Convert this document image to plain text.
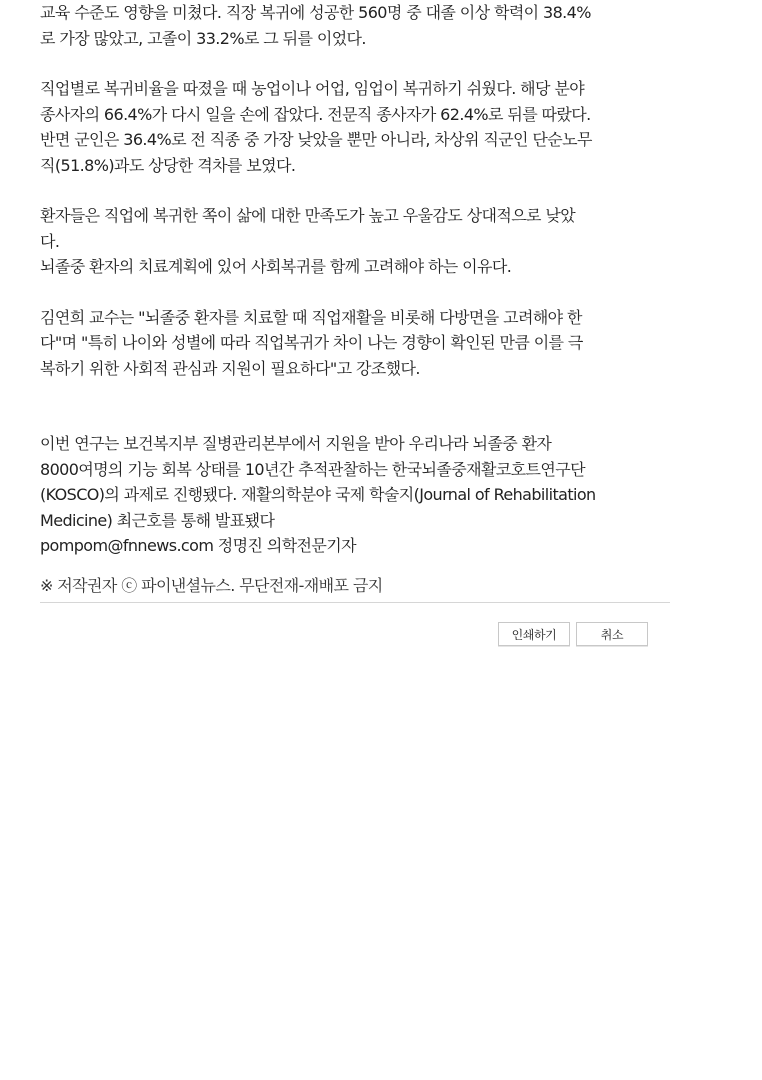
교육 수준도 영향을 미쳤다. 직장 복귀에 성공한 560명 중 대졸 이상 학력이 38.4%
로 가장 많았고, 고졸이 33.2%로 그 뒤를 이었다.

직업별로 복귀비율을 따졌을 때 농업이나 어업, 임업이 복귀하기 쉬웠다. 해당 분야
종사자의 66.4%가 다시 일을 손에 잡았다. 전문직 종사자가 62.4%로 뒤를 따랐다.
반면 군인은 36.4%로 전 직종 중 가장 낮았을 뿐만 아니라, 차상위 직군인 단순노무
직(51.8%)과도 상당한 격차를 보였다.

환자들은 직업에 복귀한 쪽이 삶에 대한 만족도가 높고 우울감도 상대적으로 낮았
다.
뇌졸중 환자의 치료계획에 있어 사회복귀를 함께 고려해야 하는 이유다.

김연희 교수는 "뇌졸중 환자를 치료할 때 직업재활을 비롯해 다방면을 고려해야 한
다"며 "특히 나이와 성별에 따라 직업복귀가 차이 나는 경향이 확인된 만큼 이를 극
복하기 위한 사회적 관심과 지원이 필요하다"고 강조했다.

이번 연구는 보건복지부 질병관리본부에서 지원을 받아 우리나라 뇌졸중 환자
8000여명의 기능 회복 상태를 10년간 추적관찰하는 한국뇌졸중재활코호트연구단
(KOSCO)의 과제로 진행됐다. 재활의학분야 국제 학술지(Journal of Rehabilitation
Medicine) 최근호를 통해 발표됐다
pompom@fnnews.com 정명진 의학전문기자

※ 저작권자 ⓒ 파이낸셜뉴스. 무단전재-재배포 금지
인쇄하기	취소
